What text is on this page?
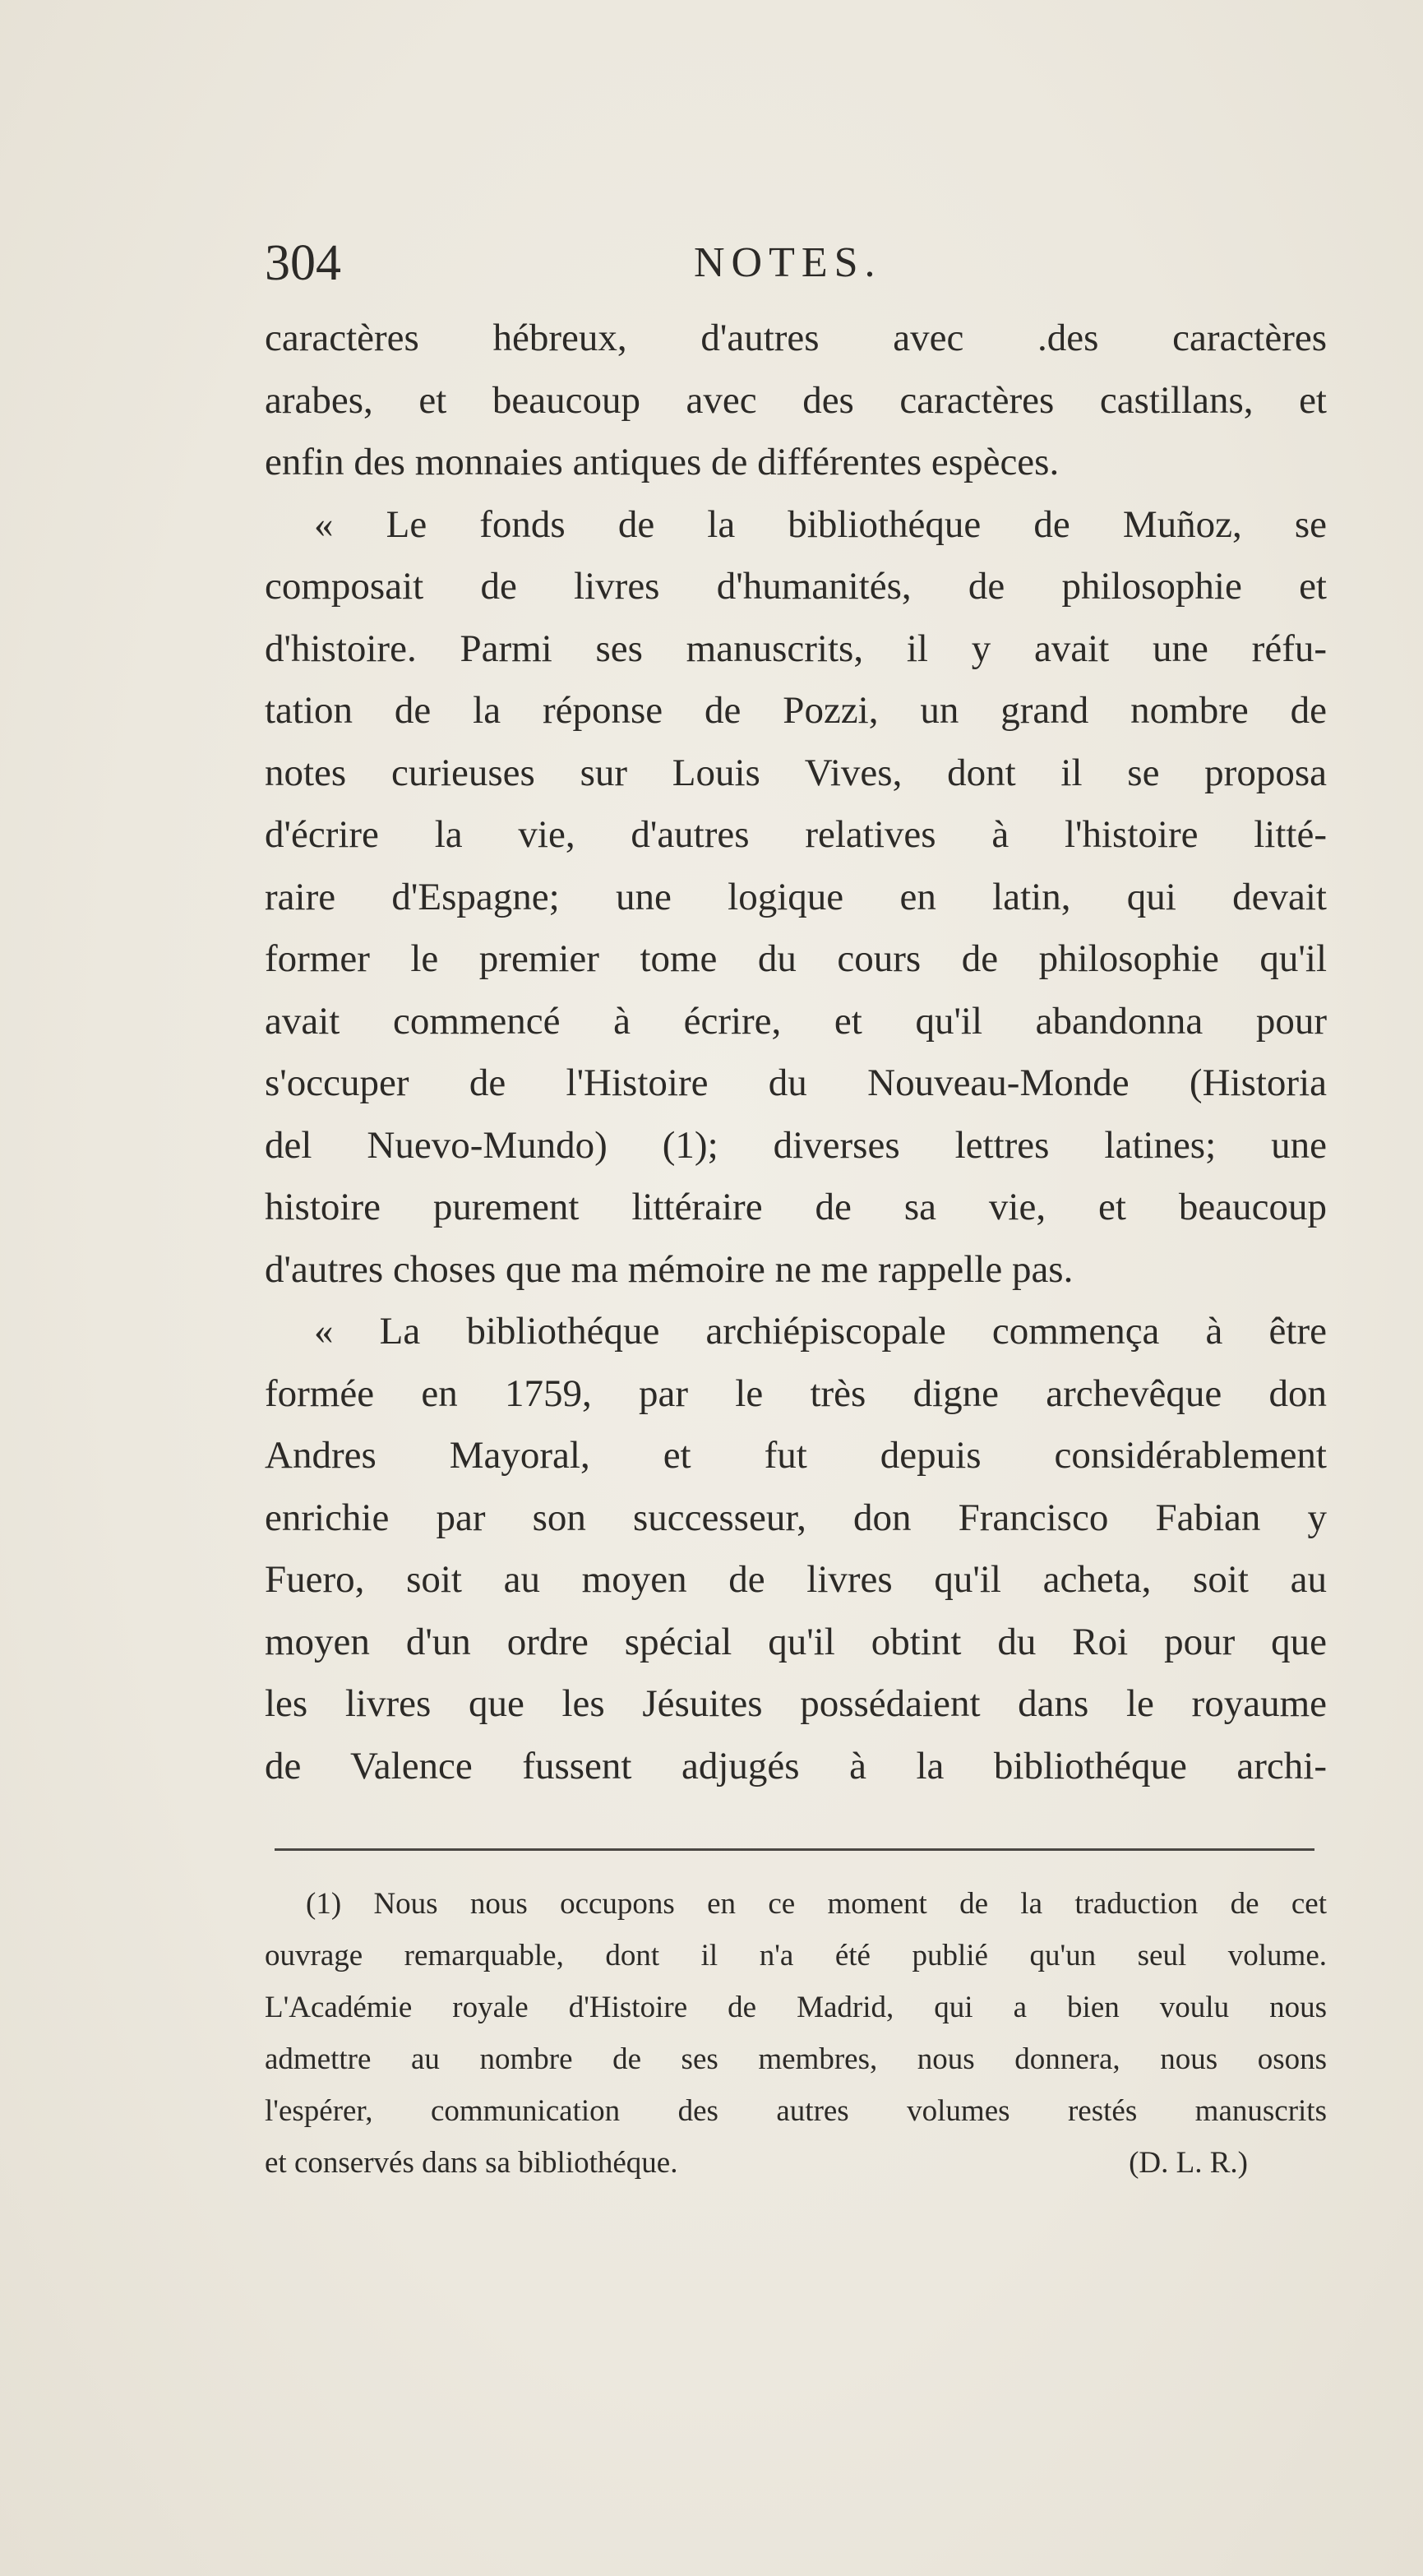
304	NOTES.
caractères hébreux, d'autres avec .des caractères
arabes, et beaucoup avec des caractères castillans, et
enfin des monnaies antiques de différentes espèces.
« Le fonds de la bibliothéque de Muñoz, se
composait de livres d'humanités, de philosophie et
d'histoire. Parmi ses manuscrits, il y avait une réfu-
tation de la réponse de Pozzi, un grand nombre de
notes curieuses sur Louis Vives, dont il se proposa
d'écrire la vie, d'autres relatives à l'histoire litté-
raire d'Espagne; une logique en latin, qui devait
former le premier tome du cours de philosophie qu'il
avait commencé à écrire, et qu'il abandonna pour
s'occuper de l'Histoire du Nouveau-Monde (Historia
del Nuevo-Mundo) (1); diverses lettres latines; une
histoire purement littéraire de sa vie, et beaucoup
d'autres choses que ma mémoire ne me rappelle pas.
« La bibliothéque archiépiscopale commença à être
formée en 1759, par le très digne archevêque don
Andres Mayoral, et fut depuis considérablement
enrichie par son successeur, don Francisco Fabian y
Fuero, soit au moyen de livres qu'il acheta, soit au
moyen d'un ordre spécial qu'il obtint du Roi pour que
les livres que les Jésuites possédaient dans le royaume
de Valence fussent adjugés à la bibliothéque archi-
(1) Nous nous occupons en ce moment de la traduction de cet
ouvrage remarquable, dont il n'a été publié qu'un seul volume.
L'Académie royale d'Histoire de Madrid, qui a bien voulu nous
admettre au nombre de ses membres, nous donnera, nous osons
l'espérer, communication des autres volumes restés manuscrits
et conservés dans sa bibliothéque.	(D. L. R.)
